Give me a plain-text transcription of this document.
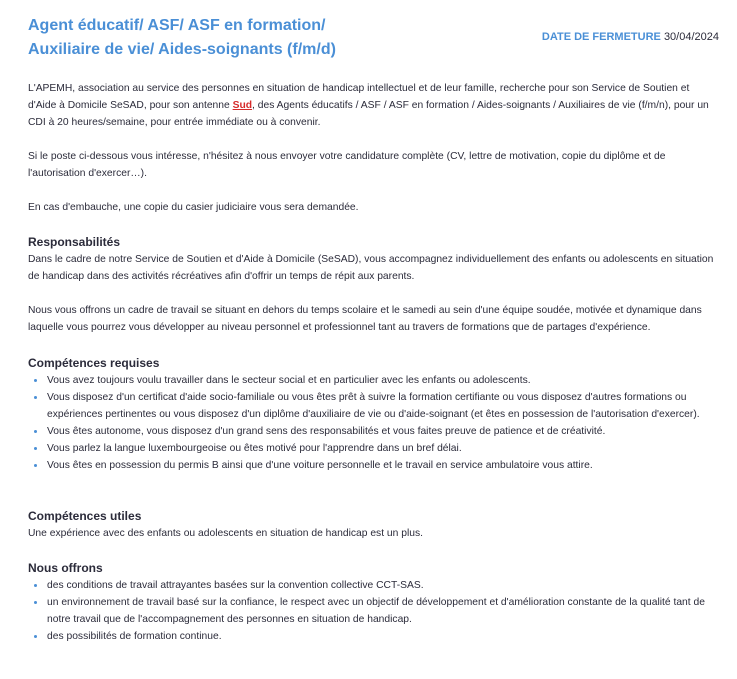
Agent éducatif/ ASF/ ASF en formation/
Auxiliaire de vie/ Aides-soignants (f/m/d)
DATE DE FERMETURE 30/04/2024

L'APEMH, association au service des personnes en situation de handicap intellectuel et de leur famille, recherche pour son Service de Soutien et d'Aide à Domicile SeSAD, pour son antenne Sud, des Agents éducatifs / ASF / ASF en formation / Aides-soignants / Auxiliaires de vie (f/m/n), pour un CDI à 20 heures/semaine, pour entrée immédiate ou à convenir.

Si le poste ci-dessous vous intéresse, n'hésitez à nous envoyer votre candidature complète (CV, lettre de motivation, copie du diplôme et de l'autorisation d'exercer…).

En cas d'embauche, une copie du casier judiciaire vous sera demandée.

Responsabilités

Dans le cadre de notre Service de Soutien et d'Aide à Domicile (SeSAD), vous accompagnez individuellement des enfants ou adolescents en situation de handicap dans des activités récréatives afin d'offrir un temps de répit aux parents.

Nous vous offrons un cadre de travail se situant en dehors du temps scolaire et le samedi au sein d'une équipe soudée, motivée et dynamique dans laquelle vous pourrez vous développer au niveau personnel et professionnel tant au travers de formations que de partages d'expérience.

Compétences requises
Vous avez toujours voulu travailler dans le secteur social et en particulier avec les enfants ou adolescents.
Vous disposez d'un certificat d'aide socio-familiale ou vous êtes prêt à suivre la formation certifiante ou vous disposez d'autres formations ou expériences pertinentes ou vous disposez d'un diplôme d'auxiliaire de vie ou d'aide-soignant (et êtes en possession de l'autorisation d'exercer).
Vous êtes autonome, vous disposez d'un grand sens des responsabilités et vous faites preuve de patience et de créativité.
Vous parlez la langue luxembourgeoise ou êtes motivé pour l'apprendre dans un bref délai.
Vous êtes en possession du permis B ainsi que d'une voiture personnelle et le travail en service ambulatoire vous attire.
Compétences utiles

Une expérience avec des enfants ou adolescents en situation de handicap est un plus.

Nous offrons
des conditions de travail attrayantes basées sur la convention collective CCT-SAS.
un environnement de travail basé sur la confiance, le respect avec un objectif de développement et d'amélioration constante de la qualité tant de notre travail que de l'accompagnement des personnes en situation de handicap.
des possibilités de formation continue.
